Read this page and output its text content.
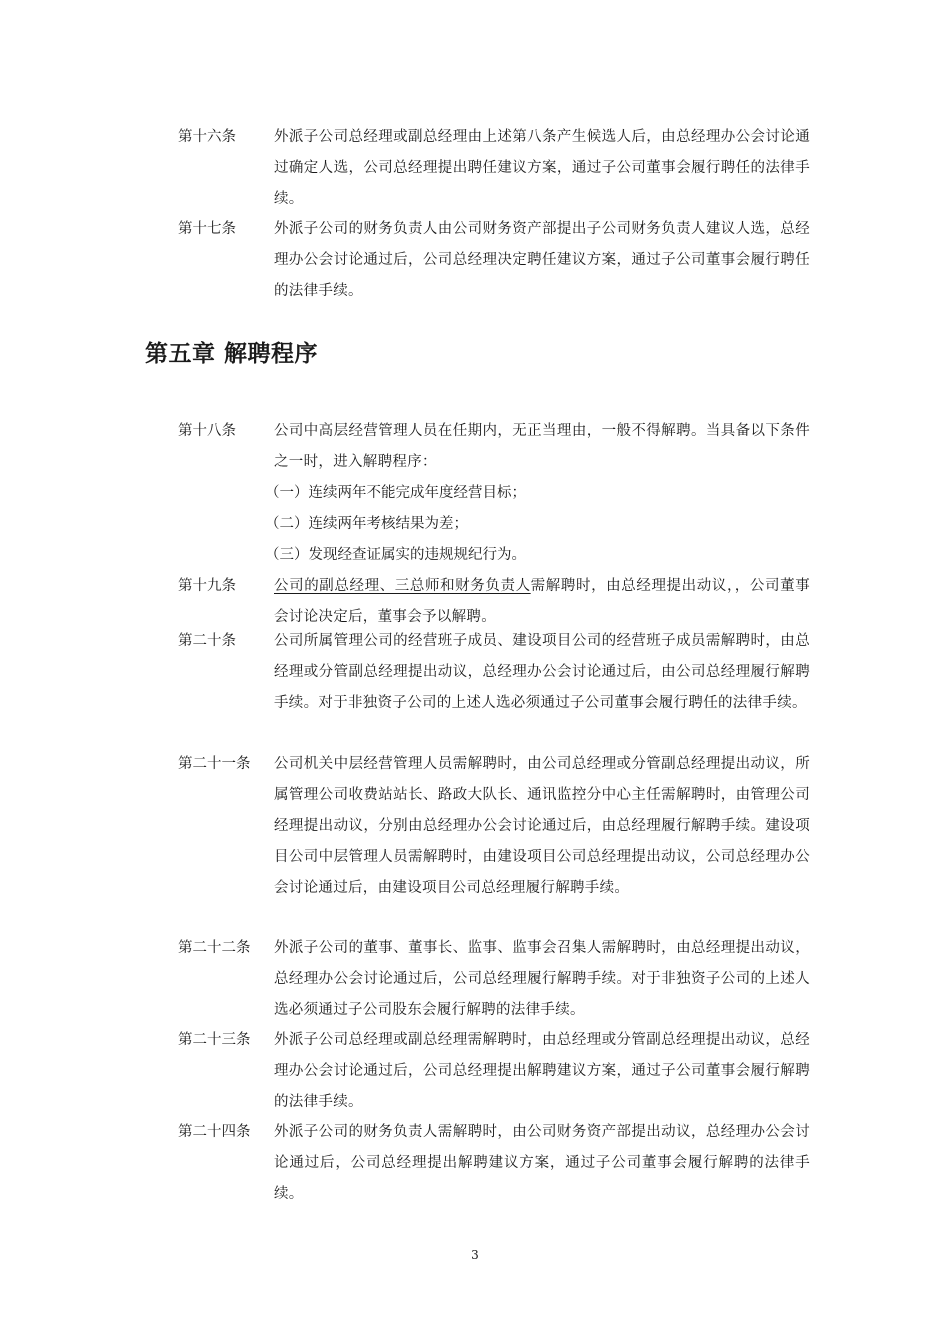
第十六条	外派子公司总经理或副总经理由上述第八条产生候选人后，由总经理办公会讨论通过确定人选，公司总经理提出聘任建议方案，通过子公司董事会履行聘任的法律手续。
第十七条	外派子公司的财务负责人由公司财务资产部提出子公司财务负责人建议人选，总经理办公会讨论通过后，公司总经理决定聘任建议方案，通过子公司董事会履行聘任的法律手续。
第五章 解聘程序
第十八条	公司中高层经营管理人员在任期内，无正当理由，一般不得解聘。当具备以下条件之一时，进入解聘程序：
（一）连续两年不能完成年度经营目标；
（二）连续两年考核结果为差；
（三）发现经查证属实的违规规纪行为。
第十九条	公司的副总经理、三总师和财务负责人需解聘时，由总经理提出动议，，公司董事会讨论决定后，董事会予以解聘。
第二十条	公司所属管理公司的经营班子成员、建设项目公司的经营班子成员需解聘时，由总经理或分管副总经理提出动议，总经理办公会讨论通过后，由公司总经理履行解聘手续。对于非独资子公司的上述人选必须通过子公司董事会履行聘任的法律手续。
第二十一条	公司机关中层经营管理人员需解聘时，由公司总经理或分管副总经理提出动议，所属管理公司收费站站长、路政大队长、通讯监控分中心主任需解聘时，由管理公司经理提出动议，分别由总经理办公会讨论通过后，由总经理履行解聘手续。建设项目公司中层管理人员需解聘时，由建设项目公司总经理提出动议，公司总经理办公会讨论通过后，由建设项目公司总经理履行解聘手续。
第二十二条	外派子公司的董事、董事长、监事、监事会召集人需解聘时，由总经理提出动议，总经理办公会讨论通过后，公司总经理履行解聘手续。对于非独资子公司的上述人选必须通过子公司股东会履行解聘的法律手续。
第二十三条	外派子公司总经理或副总经理需解聘时，由总经理或分管副总经理提出动议，总经理办公会讨论通过后，公司总经理提出解聘建议方案，通过子公司董事会履行解聘的法律手续。
第二十四条	外派子公司的财务负责人需解聘时，由公司财务资产部提出动议，总经理办公会讨论通过后，公司总经理提出解聘建议方案，通过子公司董事会履行解聘的法律手续。
3
